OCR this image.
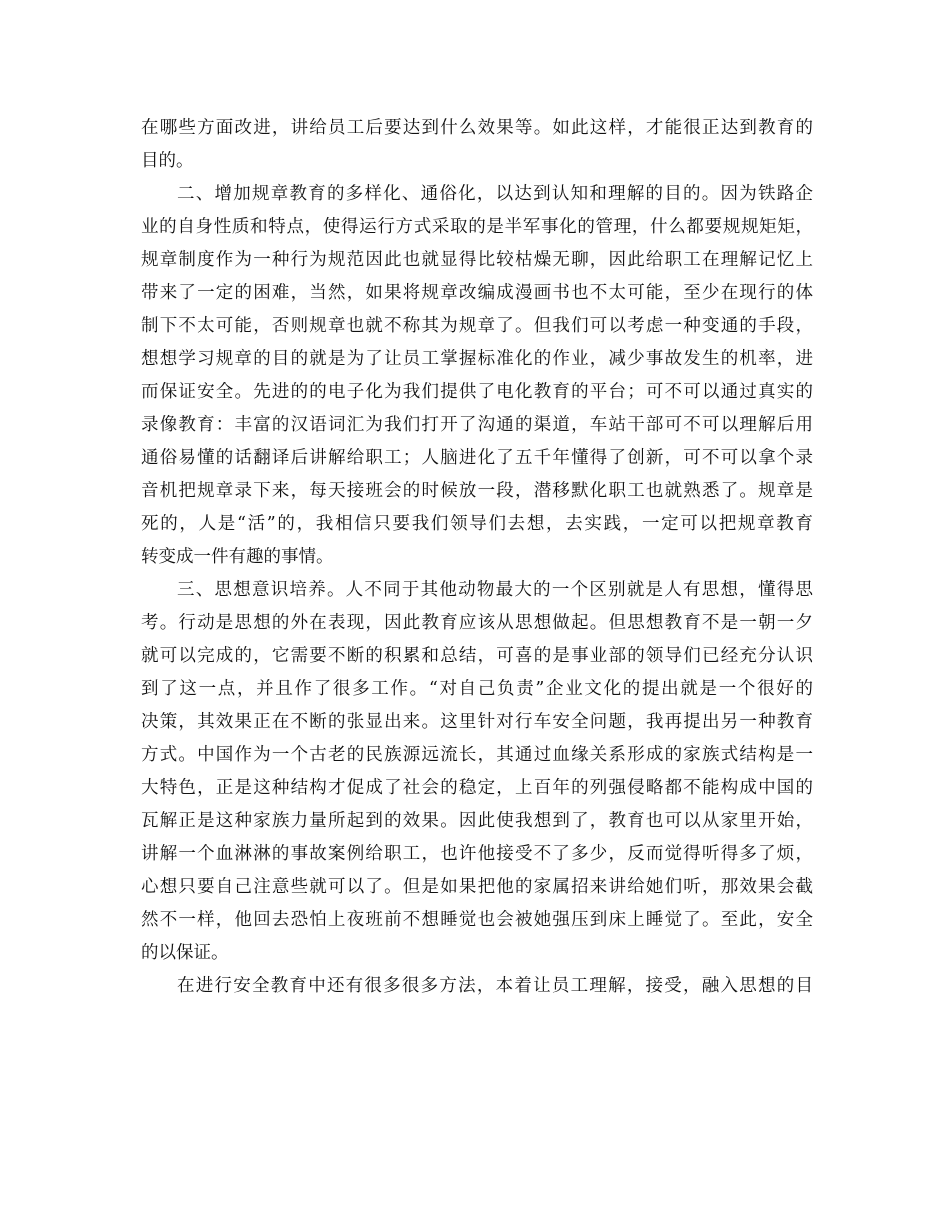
在哪些方面改进，讲给员工后要达到什么效果等。如此这样，才能很正达到教育的
目的。
二、增加规章教育的多样化、通俗化，以达到认知和理解的目的。因为铁路企
业的自身性质和特点，使得运行方式采取的是半军事化的管理，什么都要规规矩矩，
规章制度作为一种行为规范因此也就显得比较枯燥无聊，因此给职工在理解记忆上
带来了一定的困难，当然，如果将规章改编成漫画书也不太可能，至少在现行的体
制下不太可能，否则规章也就不称其为规章了。但我们可以考虑一种变通的手段，
想想学习规章的目的就是为了让员工掌握标准化的作业，减少事故发生的机率，进
而保证安全。先进的的电子化为我们提供了电化教育的平台；可不可以通过真实的
录像教育：丰富的汉语词汇为我们打开了沟通的渠道，车站干部可不可以理解后用
通俗易懂的话翻译后讲解给职工；人脑进化了五千年懂得了创新，可不可以拿个录
音机把规章录下来，每天接班会的时候放一段，潜移默化职工也就熟悉了。规章是
死的，人是“活”的，我相信只要我们领导们去想，去实践，一定可以把规章教育
转变成一件有趣的事情。
三、思想意识培养。人不同于其他动物最大的一个区别就是人有思想，懂得思
考。行动是思想的外在表现，因此教育应该从思想做起。但思想教育不是一朝一夕
就可以完成的，它需要不断的积累和总结，可喜的是事业部的领导们已经充分认识
到了这一点，并且作了很多工作。“对自己负责”企业文化的提出就是一个很好的
决策，其效果正在不断的张显出来。这里针对行车安全问题，我再提出另一种教育
方式。中国作为一个古老的民族源远流长，其通过血缘关系形成的家族式结构是一
大特色，正是这种结构才促成了社会的稳定，上百年的列强侵略都不能构成中国的
瓦解正是这种家族力量所起到的效果。因此使我想到了，教育也可以从家里开始，
讲解一个血淋淋的事故案例给职工，也许他接受不了多少，反而觉得听得多了烦，
心想只要自己注意些就可以了。但是如果把他的家属招来讲给她们听，那效果会截
然不一样，他回去恐怕上夜班前不想睡觉也会被她强压到床上睡觉了。至此，安全
的以保证。
在进行安全教育中还有很多很多方法，本着让员工理解，接受，融入思想的目
